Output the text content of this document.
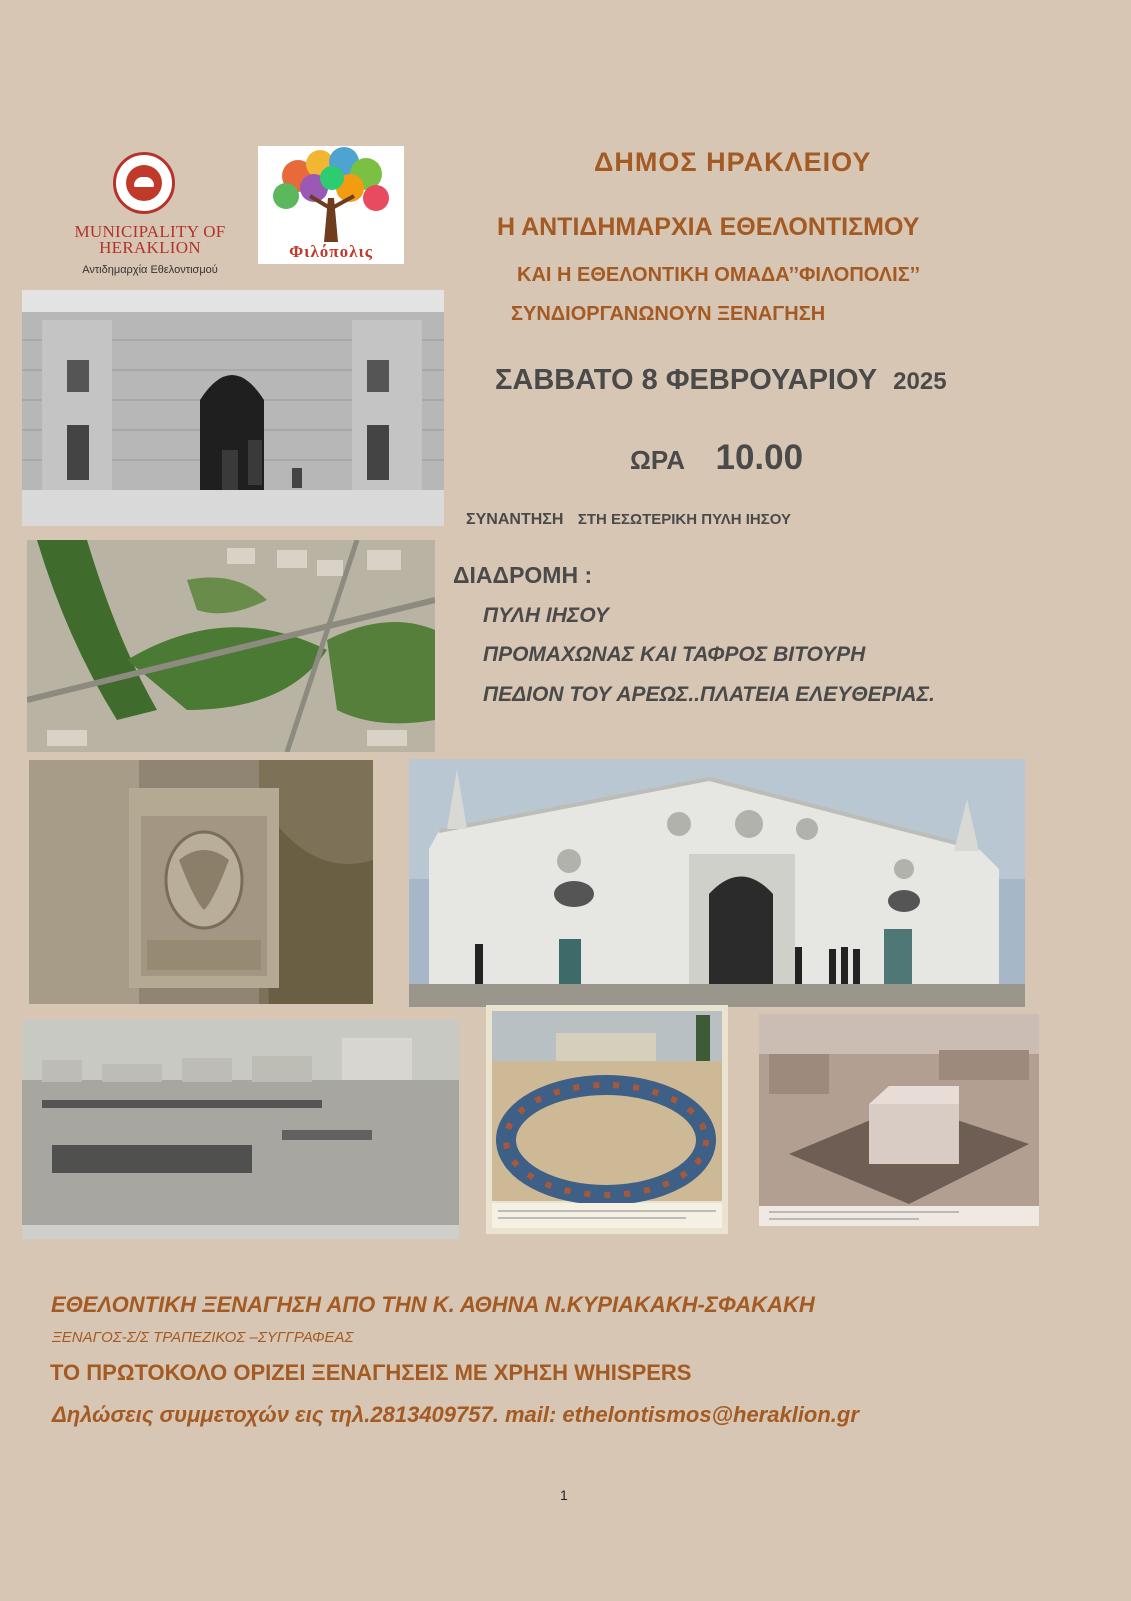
MUNICIPALITY OF
HERAKLION
Αντιδημαρχία Εθελοντισμού
Φιλόπολις
ΔΗΜΟΣ ΗΡΑΚΛΕΙΟΥ
Η ΑΝΤΙΔΗΜΑΡΧΙΑ ΕΘΕΛΟΝΤΙΣΜΟΥ
ΚΑΙ Η ΕΘΕΛΟΝΤΙΚΗ ΟΜΑΔΑ’’ΦΙΛΟΠΟΛΙΣ’’
ΣΥΝΔΙΟΡΓΑΝΩΝΟΥΝ ΞΕΝΑΓΗΣΗ
ΣΑΒΒΑΤΟ 8 ΦΕΒΡΟΥΑΡΙΟΥ 2025
ΩΡΑ 10.00
ΣΥΝΑΝΤΗΣΗ ΣΤΗ ΕΣΩΤΕΡΙΚΗ ΠΥΛΗ ΙΗΣΟΥ
ΔΙΑΔΡΟΜΗ :
ΠΥΛΗ ΙΗΣΟΥ
ΠΡΟΜΑΧΩΝΑΣ ΚΑΙ ΤΑΦΡΟΣ ΒΙΤΟΥΡΗ
ΠΕΔΙΟΝ ΤΟΥ ΑΡΕΩΣ..ΠΛΑΤΕΙΑ ΕΛΕΥΘΕΡΙΑΣ.
ΕΘΕΛΟΝΤΙΚΗ ΞΕΝΑΓΗΣΗ ΑΠΟ ΤΗΝ Κ. ΑΘΗΝΑ Ν.ΚΥΡΙΑΚΑΚΗ-ΣΦΑΚΑΚΗ
ΞΕΝΑΓΟΣ-Σ/Σ ΤΡΑΠΕΖΙΚΟΣ –ΣΥΓΓΡΑΦΕΑΣ
ΤΟ ΠΡΩΤΟΚΟΛΟ ΟΡΙΖΕΙ ΞΕΝΑΓΗΣΕΙΣ ΜΕ ΧΡΗΣΗ WHISPERS
Δηλώσεις συμμετοχών εις τηλ.2813409757. mail: ethelontismos@heraklion.gr
1
